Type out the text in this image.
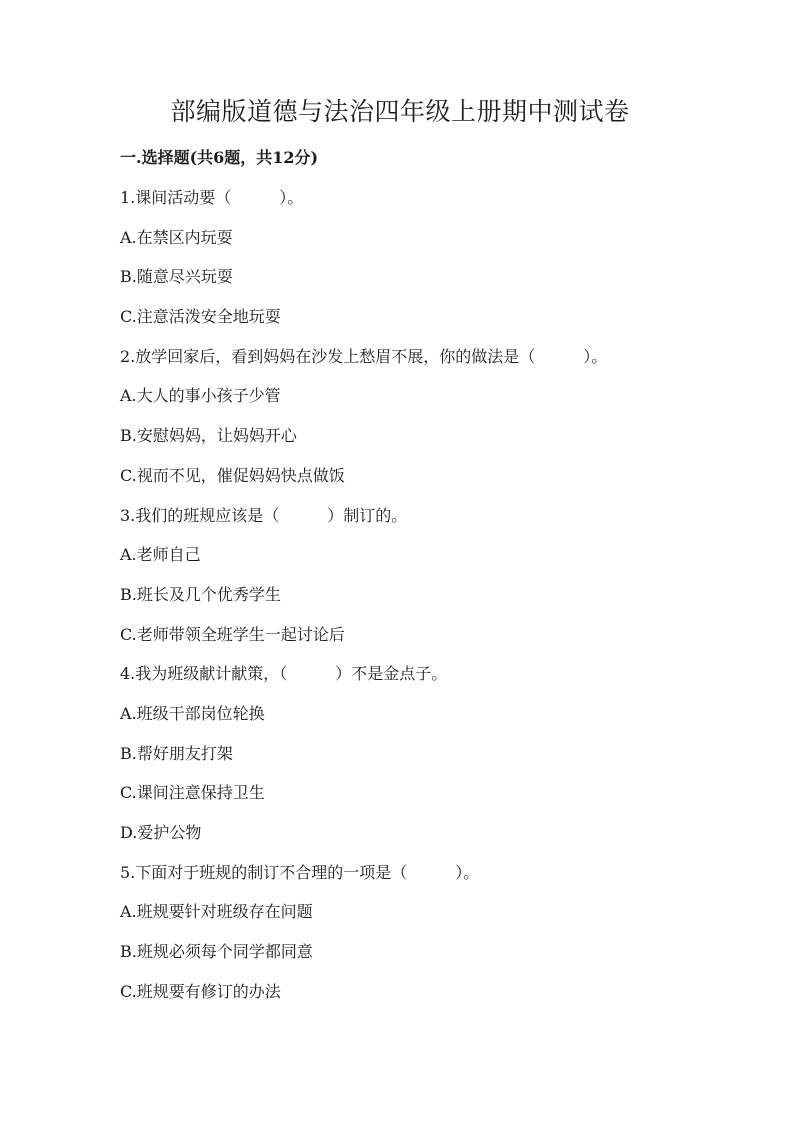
部编版道德与法治四年级上册期中测试卷
一.选择题(共6题，共12分)
1.课间活动要（　　　）。
A.在禁区内玩耍
B.随意尽兴玩耍
C.注意活泼安全地玩耍
2.放学回家后，看到妈妈在沙发上愁眉不展，你的做法是（　　　）。
A.大人的事小孩子少管
B.安慰妈妈，让妈妈开心
C.视而不见，催促妈妈快点做饭
3.我们的班规应该是（　　　）制订的。
A.老师自己
B.班长及几个优秀学生
C.老师带领全班学生一起讨论后
4.我为班级献计献策，（　　　）不是金点子。
A.班级干部岗位轮换
B.帮好朋友打架
C.课间注意保持卫生
D.爱护公物
5.下面对于班规的制订不合理的一项是（　　　）。
A.班规要针对班级存在问题
B.班规必须每个同学都同意
C.班规要有修订的办法
